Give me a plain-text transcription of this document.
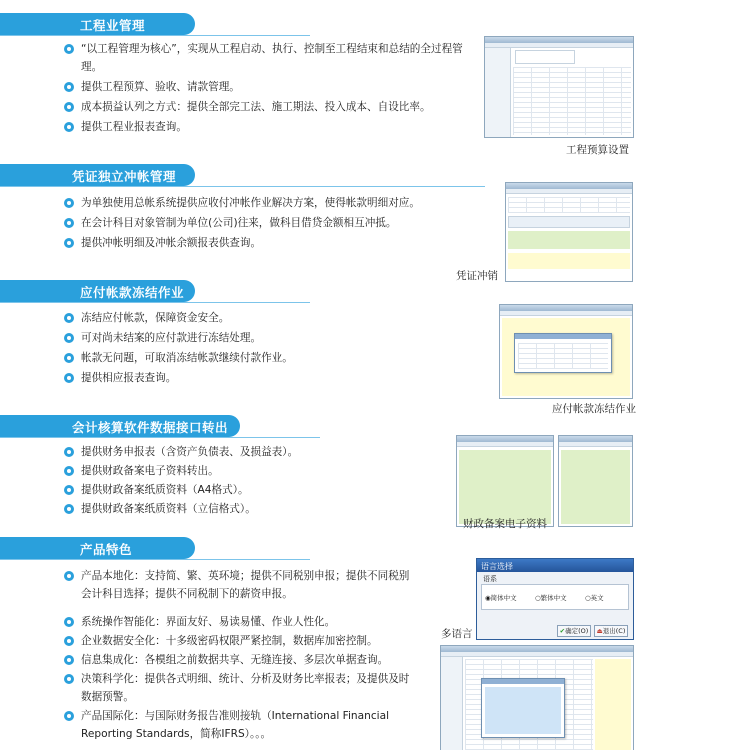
工程业管理
“以工程管理为核心”，实现从工程启动、执行、控制至工程结束和总结的全过程管理。
提供工程预算、验收、请款管理。
成本损益认列之方式：提供全部完工法、施工期法、投入成本、自设比率。
提供工程业报表查询。
工程预算设置
凭证独立冲帐管理
为单独使用总帐系统提供应收付冲帐作业解决方案，使得帐款明细对应。
在会计科目对象管制为单位(公司)往来，做科目借贷金额相互冲抵。
提供冲帐明细及冲帐余额报表供查询。
凭证冲销
应付帐款冻结作业
冻结应付帐款，保障资金安全。
可对尚未结案的应付款进行冻结处理。
帐款无问题，可取消冻结帐款继续付款作业。
提供相应报表查询。
应付帐款冻结作业
会计核算软件数据接口转出
提供财务申报表（含资产负债表、及损益表）。
提供财政备案电子资料转出。
提供财政备案纸质资料（A4格式）。
提供财政备案纸质资料（立信格式）。
财政备案电子资料
产品特色
产品本地化：支持简、繁、英环境；提供不同税别申报；提供不同税别会计科目选择；提供不同税制下的薪资申报。
系统操作智能化：界面友好、易读易懂、作业人性化。
企业数据安全化：十多级密码权限严紧控制，数据库加密控制。
信息集成化：各模组之前数据共享、无缝连接、多层次单据查询。
决策科学化：提供各式明细、统计、分析及财务比率报表；及提供及时数据预警。
产品国际化：与国际财务报告准则接轨（International Financial Reporting Standards，简称IFRS）。。。
语言选择
语系
◉简体中文	○繁体中文	○英文
✔确定(O)	⏏退出(C)
多语言
